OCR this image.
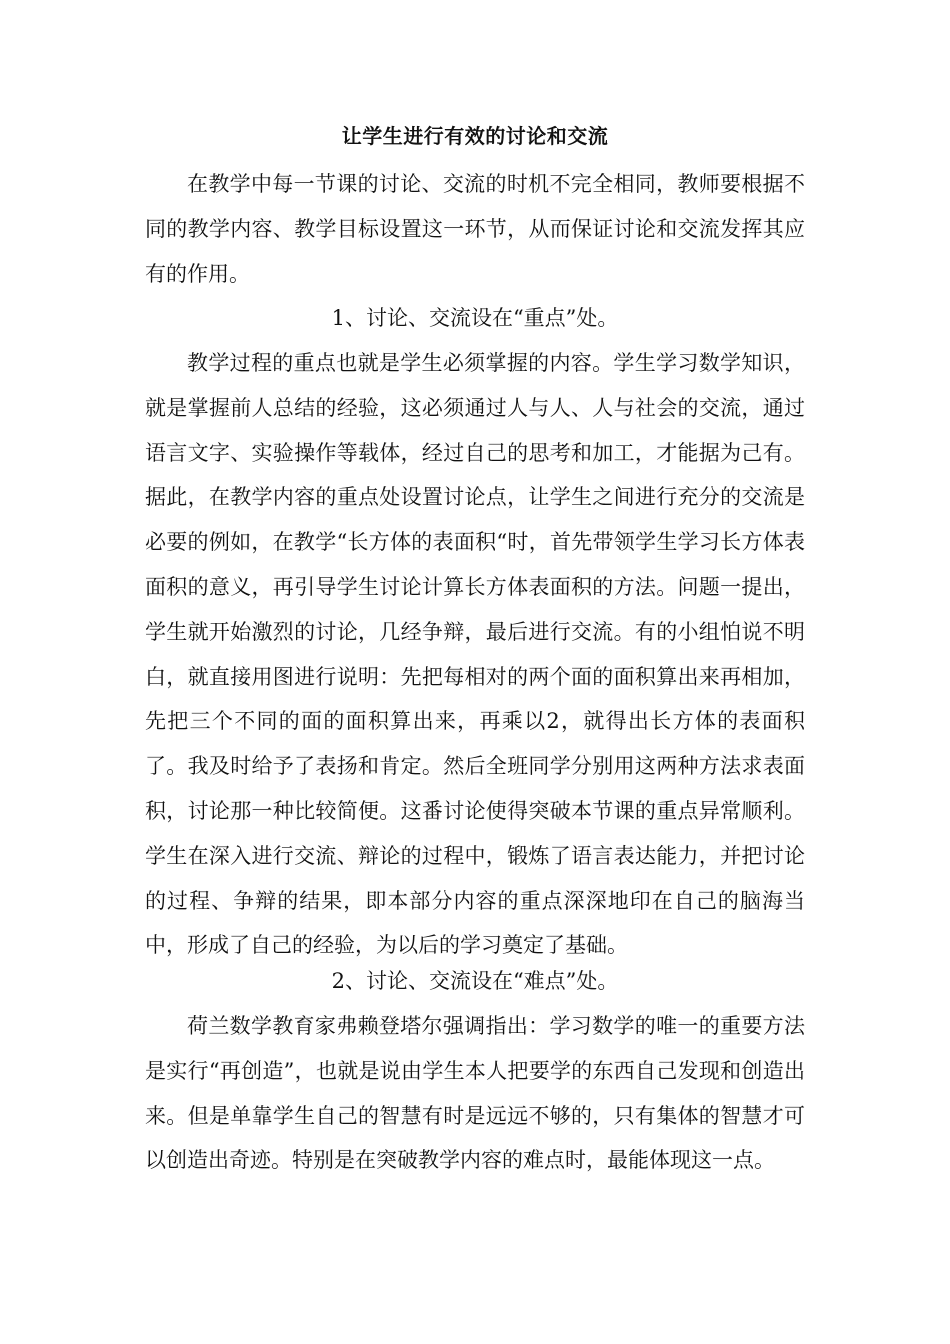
让学生进行有效的讨论和交流

在教学中每一节课的讨论、交流的时机不完全相同，教师要根据不同的教学内容、教学目标设置这一环节，从而保证讨论和交流发挥其应有的作用。

1、讨论、交流设在“重点”处。

教学过程的重点也就是学生必须掌握的内容。学生学习数学知识，就是掌握前人总结的经验，这必须通过人与人、人与社会的交流，通过语言文字、实验操作等载体，经过自己的思考和加工，才能据为己有。据此，在教学内容的重点处设置讨论点，让学生之间进行充分的交流是必要的例如，在教学“长方体的表面积“时，首先带领学生学习长方体表面积的意义，再引导学生讨论计算长方体表面积的方法。问题一提出，学生就开始激烈的讨论，几经争辩，最后进行交流。有的小组怕说不明白，就直接用图进行说明：先把每相对的两个面的面积算出来再相加，先把三个不同的面的面积算出来，再乘以2，就得出长方体的表面积了。我及时给予了表扬和肯定。然后全班同学分别用这两种方法求表面积，讨论那一种比较简便。这番讨论使得突破本节课的重点异常顺利。学生在深入进行交流、辩论的过程中，锻炼了语言表达能力，并把讨论的过程、争辩的结果，即本部分内容的重点深深地印在自己的脑海当中，形成了自己的经验，为以后的学习奠定了基础。

2、讨论、交流设在“难点”处。

荷兰数学教育家弗赖登塔尔强调指出：学习数学的唯一的重要方法是实行“再创造”，也就是说由学生本人把要学的东西自己发现和创造出来。但是单靠学生自己的智慧有时是远远不够的，只有集体的智慧才可以创造出奇迹。特别是在突破教学内容的难点时，最能体现这一点。
